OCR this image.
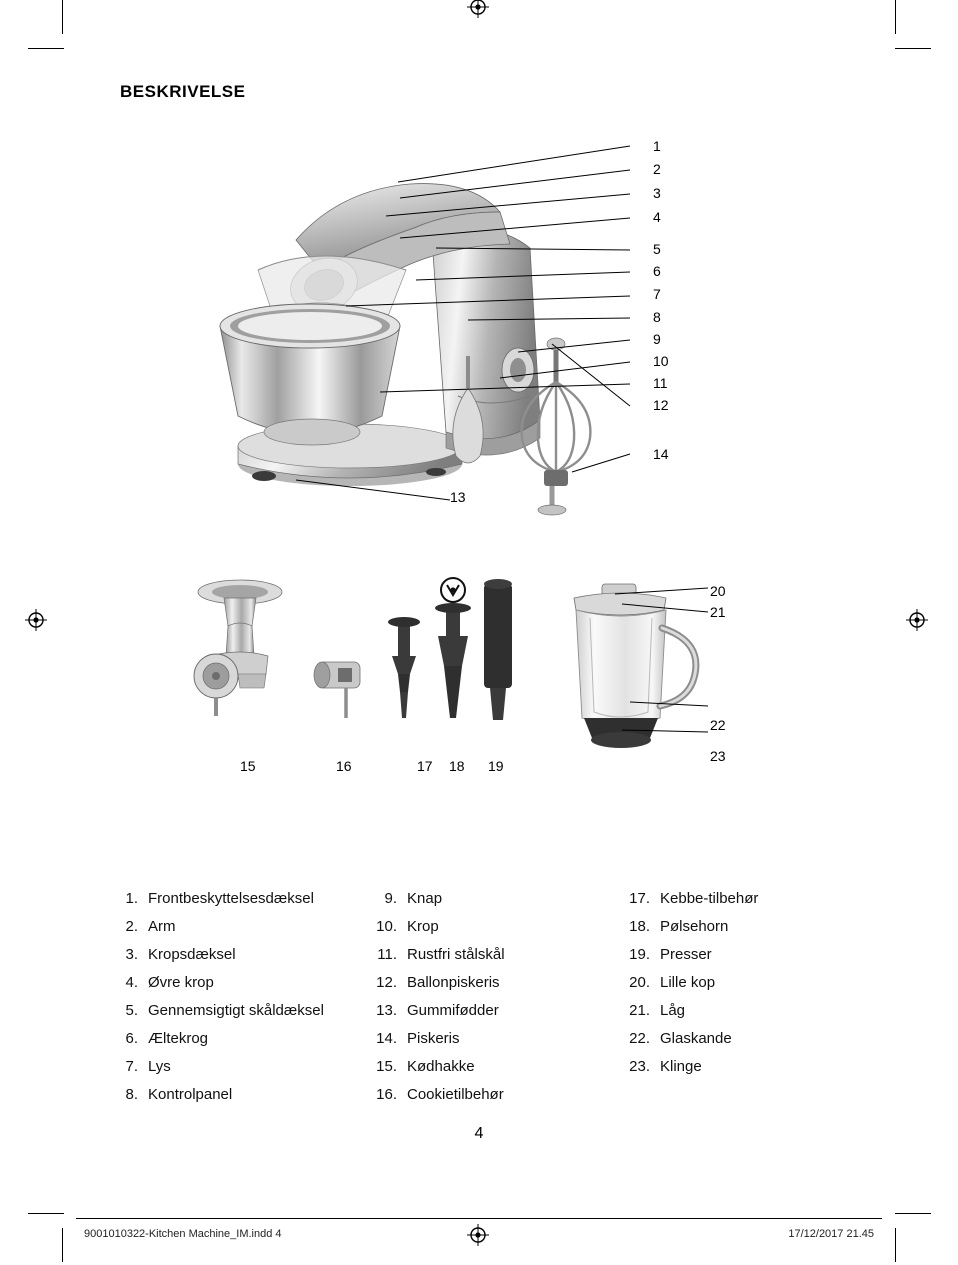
BESKRIVELSE
1
2
3
4
5
6
7
8
9
10
11
12
13
14
15	16	17 18 19
20
21
22
23
1. Frontbeskyttelsesdæksel
2. Arm
3. Kropsdæksel
4. Øvre krop
5. Gennemsigtigt skåldæksel
6. Æltekrog
7. Lys
8. Kontrolpanel
9. Knap
10. Krop
11. Rustfri stålskål
12. Ballonpiskeris
13. Gummifødder
14. Piskeris
15. Kødhakke
16. Cookietilbehør
17. Kebbe-tilbehør
18. Pølsehorn
19. Presser
20. Lille kop
21. Låg
22. Glaskande
23. Klinge
4
9001010322-Kitchen Machine_IM.indd 4	17/12/2017 21.45
